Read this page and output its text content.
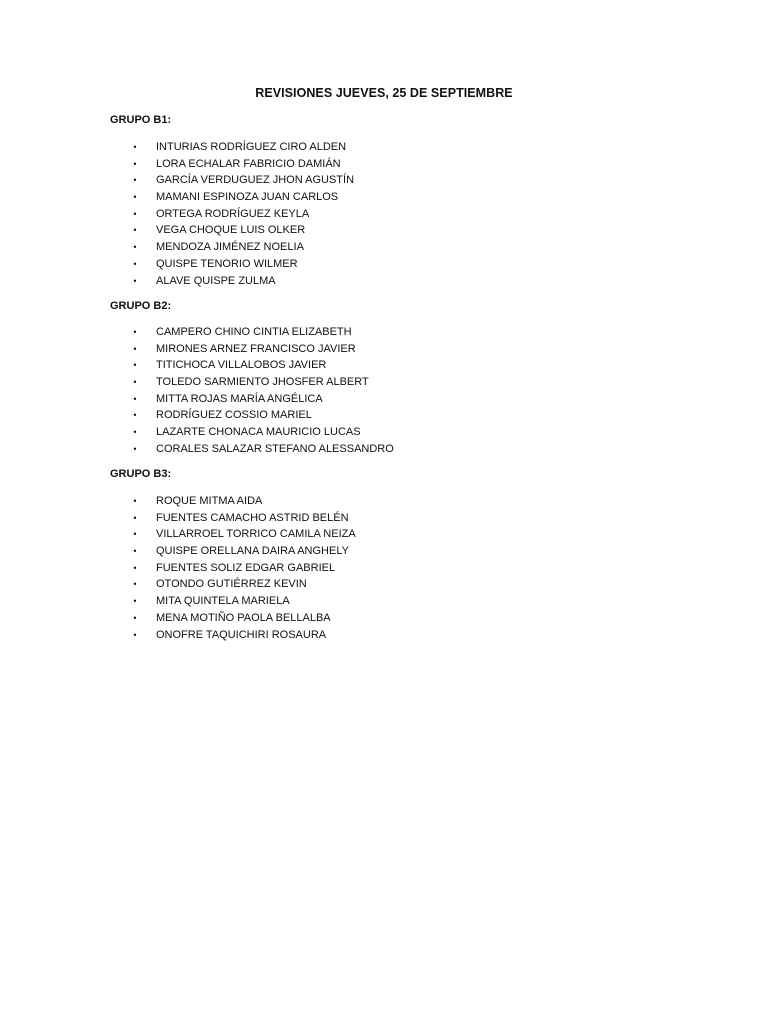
REVISIONES JUEVES, 25 DE SEPTIEMBRE
GRUPO B1:
•	INTURIAS RODRÍGUEZ CIRO ALDEN
•	LORA ECHALAR FABRICIO DAMIÁN
•	GARCÍA VERDUGUEZ JHON AGUSTÍN
•	MAMANI ESPINOZA JUAN CARLOS
•	ORTEGA RODRÍGUEZ KEYLA
•	VEGA CHOQUE LUIS OLKER
•	MENDOZA JIMÉNEZ NOELIA
•	QUISPE TENORIO WILMER
•	ALAVE QUISPE ZULMA
GRUPO B2:
•	CAMPERO CHINO CINTIA ELIZABETH
•	MIRONES ARNEZ FRANCISCO JAVIER
•	TITICHOCA VILLALOBOS JAVIER
•	TOLEDO SARMIENTO JHOSFER ALBERT
•	MITTA ROJAS MARÍA ANGÉLICA
•	RODRÍGUEZ COSSIO MARIEL
•	LAZARTE CHONACA MAURICIO LUCAS
•	CORALES SALAZAR STEFANO ALESSANDRO
GRUPO B3:
•	ROQUE MITMA AIDA
•	FUENTES CAMACHO ASTRID BELÉN
•	VILLARROEL TORRICO CAMILA NEIZA
•	QUISPE ORELLANA DAIRA ANGHELY
•	FUENTES SOLIZ EDGAR GABRIEL
•	OTONDO GUTIÉRREZ KEVIN
•	MITA QUINTELA MARIELA
•	MENA MOTIÑO PAOLA BELLALBA
•	ONOFRE TAQUICHIRI ROSAURA
